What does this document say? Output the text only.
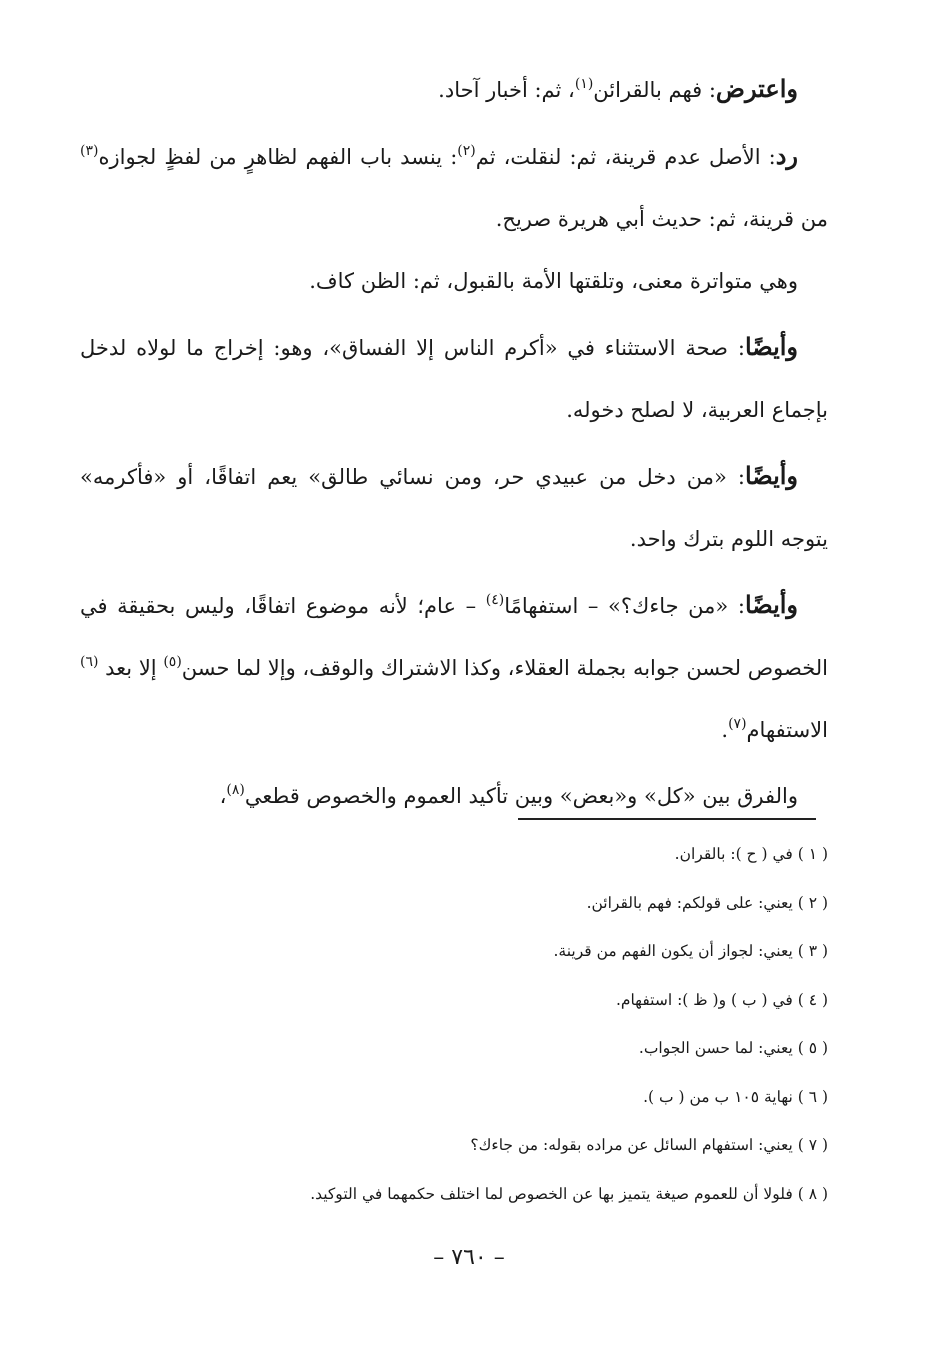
واعترض: فهم بالقرائن$^{(١)}$، ثم: أخبار آحاد.

رد: الأصل عدم قرينة، ثم: لنقلت، ثم$^{(٢)}$: ينسد باب الفهم لظاهرٍ من لفظٍ لجوازه$^{(٣)}$ من قرينة، ثم: حديث أبي هريرة صريح.

وهي متواترة معنى، وتلقتها الأمة بالقبول، ثم: الظن كاف.

وأيضًا: صحة الاستثناء في «أكرم الناس إلا الفساق»، وهو: إخراج ما لولاه لدخل بإجماع العربية، لا لصلح دخوله.

وأيضًا: «من دخل من عبيدي حر، ومن نسائي طالق» يعم اتفاقًا، أو «فأكرمه» يتوجه اللوم بترك واحد.

وأيضًا: «من جاءك؟» – استفهامًا$^{(٤)}$ – عام؛ لأنه موضوع اتفاقًا، وليس بحقيقة في الخصوص لحسن جوابه بجملة العقلاء، وكذا الاشتراك والوقف، وإلا لما حسن$^{(٥)}$ إلا بعد $^{(٦)}$ الاستفهام$^{(٧)}$.

والفرق بين «كل» و«بعض» وبين تأكيد العموم والخصوص قطعي$^{(٨)}$،

( ١ ) في ( ح ): بالقران.

( ٢ ) يعني: على قولكم: فهم بالقرائن.

( ٣ ) يعني: لجواز أن يكون الفهم من قرينة.

( ٤ ) في ( ب ) و( ظ ): استفهام.

( ٥ ) يعني: لما حسن الجواب.

( ٦ ) نهاية ١٠٥ ب من ( ب ).

( ٧ ) يعني: استفهام السائل عن مراده بقوله: من جاءك؟

( ٨ ) فلولا أن للعموم صيغة يتميز بها عن الخصوص لما اختلف حكمهما في التوكيد.

– ٧٦٠ –
